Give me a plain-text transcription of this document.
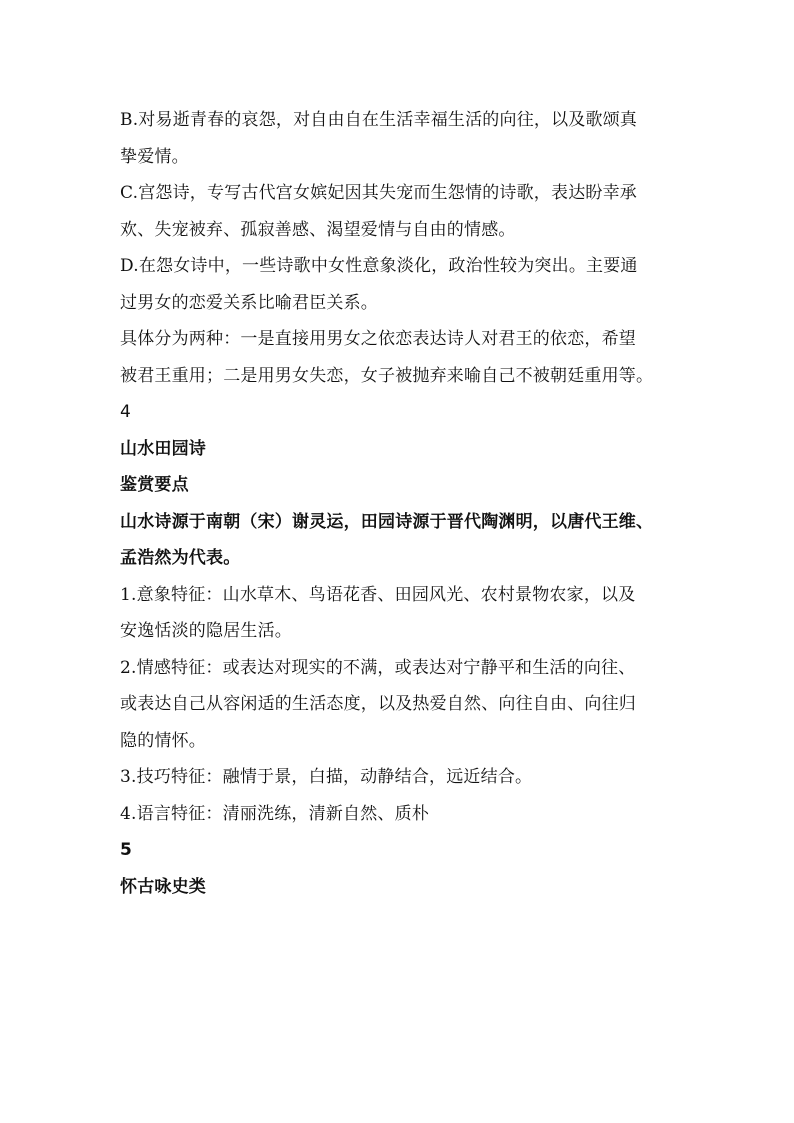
B.对易逝青春的哀怨，对自由自在生活幸福生活的向往，以及歌颂真
挚爱情。
C.宫怨诗，专写古代宫女嫔妃因其失宠而生怨情的诗歌，表达盼幸承
欢、失宠被弃、孤寂善感、渴望爱情与自由的情感。
D.在怨女诗中，一些诗歌中女性意象淡化，政治性较为突出。主要通
过男女的恋爱关系比喻君臣关系。
具体分为两种：一是直接用男女之依恋表达诗人对君王的依恋，希望
被君王重用；二是用男女失恋，女子被抛弃来喻自己不被朝廷重用等。
4
山水田园诗
鉴赏要点
山水诗源于南朝（宋）谢灵运，田园诗源于晋代陶渊明，以唐代王维、
孟浩然为代表。
1.意象特征：山水草木、鸟语花香、田园风光、农村景物农家，以及
安逸恬淡的隐居生活。
2.情感特征：或表达对现实的不满，或表达对宁静平和生活的向往、
或表达自己从容闲适的生活态度，以及热爱自然、向往自由、向往归
隐的情怀。
3.技巧特征：融情于景，白描，动静结合，远近结合。
4.语言特征：清丽洗练，清新自然、质朴
5
怀古咏史类
